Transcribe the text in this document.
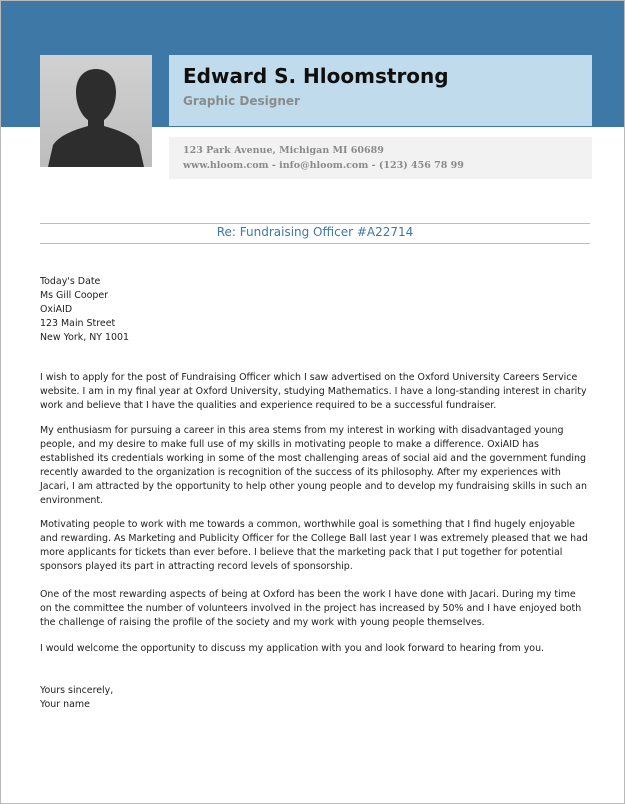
Edward S. Hloomstrong
Graphic Designer
123 Park Avenue, Michigan MI 60689
www.hloom.com - info@hloom.com - (123) 456 78 99
Re: Fundraising Officer #A22714
Today's Date
Ms Gill Cooper
OxiAID
123 Main Street
New York, NY 1001

I wish to apply for the post of Fundraising Officer which I saw advertised on the Oxford University Careers Service website. I am in my final year at Oxford University, studying Mathematics. I have a long-standing interest in charity work and believe that I have the qualities and experience required to be a successful fundraiser.

My enthusiasm for pursuing a career in this area stems from my interest in working with disadvantaged young people, and my desire to make full use of my skills in motivating people to make a difference. OxiAID has established its credentials working in some of the most challenging areas of social aid and the government funding recently awarded to the organization is recognition of the success of its philosophy. After my experiences with Jacari, I am attracted by the opportunity to help other young people and to develop my fundraising skills in such an environment.

Motivating people to work with me towards a common, worthwhile goal is something that I find hugely enjoyable and rewarding. As Marketing and Publicity Officer for the College Ball last year I was extremely pleased that we had more applicants for tickets than ever before. I believe that the marketing pack that I put together for potential sponsors played its part in attracting record levels of sponsorship.

One of the most rewarding aspects of being at Oxford has been the work I have done with Jacari. During my time on the committee the number of volunteers involved in the project has increased by 50% and I have enjoyed both the challenge of raising the profile of the society and my work with young people themselves.

I would welcome the opportunity to discuss my application with you and look forward to hearing from you.

Yours sincerely,
Your name
